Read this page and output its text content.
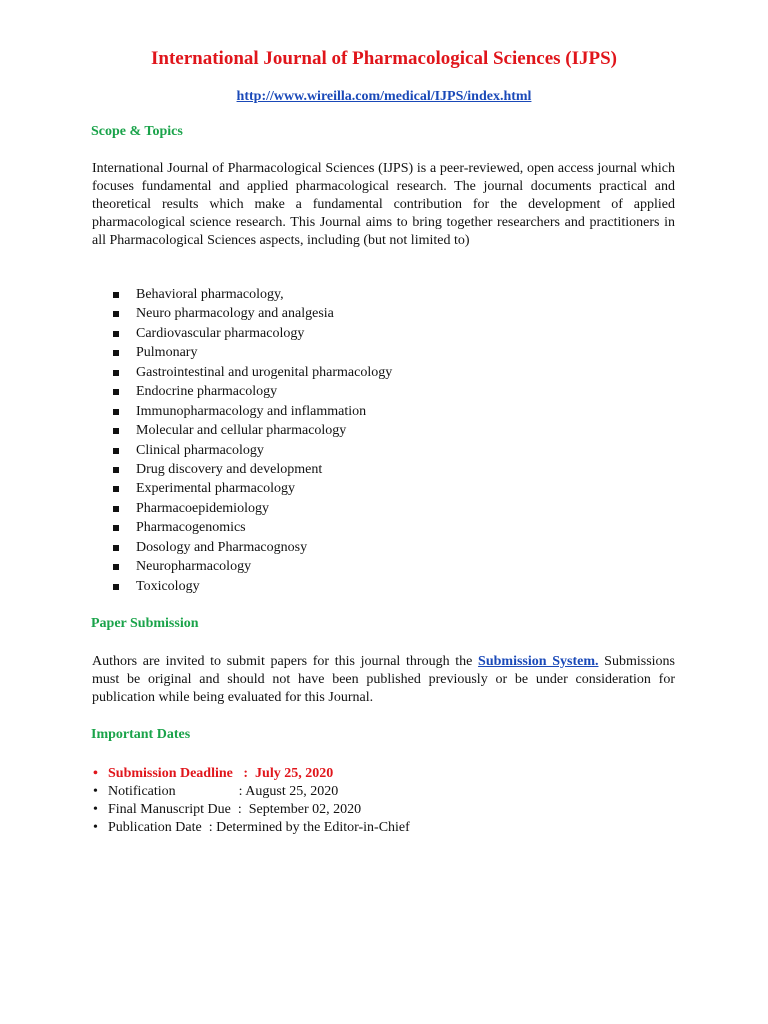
International Journal of Pharmacological Sciences (IJPS)
http://www.wireilla.com/medical/IJPS/index.html
Scope & Topics
International Journal of Pharmacological Sciences (IJPS) is a peer-reviewed, open access journal which focuses fundamental and applied pharmacological research. The journal documents practical and theoretical results which make a fundamental contribution for the development of applied pharmacological science research. This Journal aims to bring together researchers and practitioners in all Pharmacological Sciences aspects, including (but not limited to)
Behavioral pharmacology,
Neuro pharmacology and analgesia
Cardiovascular pharmacology
Pulmonary
Gastrointestinal and urogenital pharmacology
Endocrine pharmacology
Immunopharmacology and inflammation
Molecular and cellular pharmacology
Clinical pharmacology
Drug discovery and development
Experimental pharmacology
Pharmacoepidemiology
Pharmacogenomics
Dosology and Pharmacognosy
Neuropharmacology
Toxicology
Paper Submission
Authors are invited to submit papers for this journal through the Submission System. Submissions must be original and should not have been published previously or be under consideration for publication while being evaluated for this Journal.
Important Dates
• Submission Deadline   :  July 25, 2020
• Notification                  : August 25, 2020
• Final Manuscript Due  :  September 02, 2020
• Publication Date  : Determined by the Editor-in-Chief
